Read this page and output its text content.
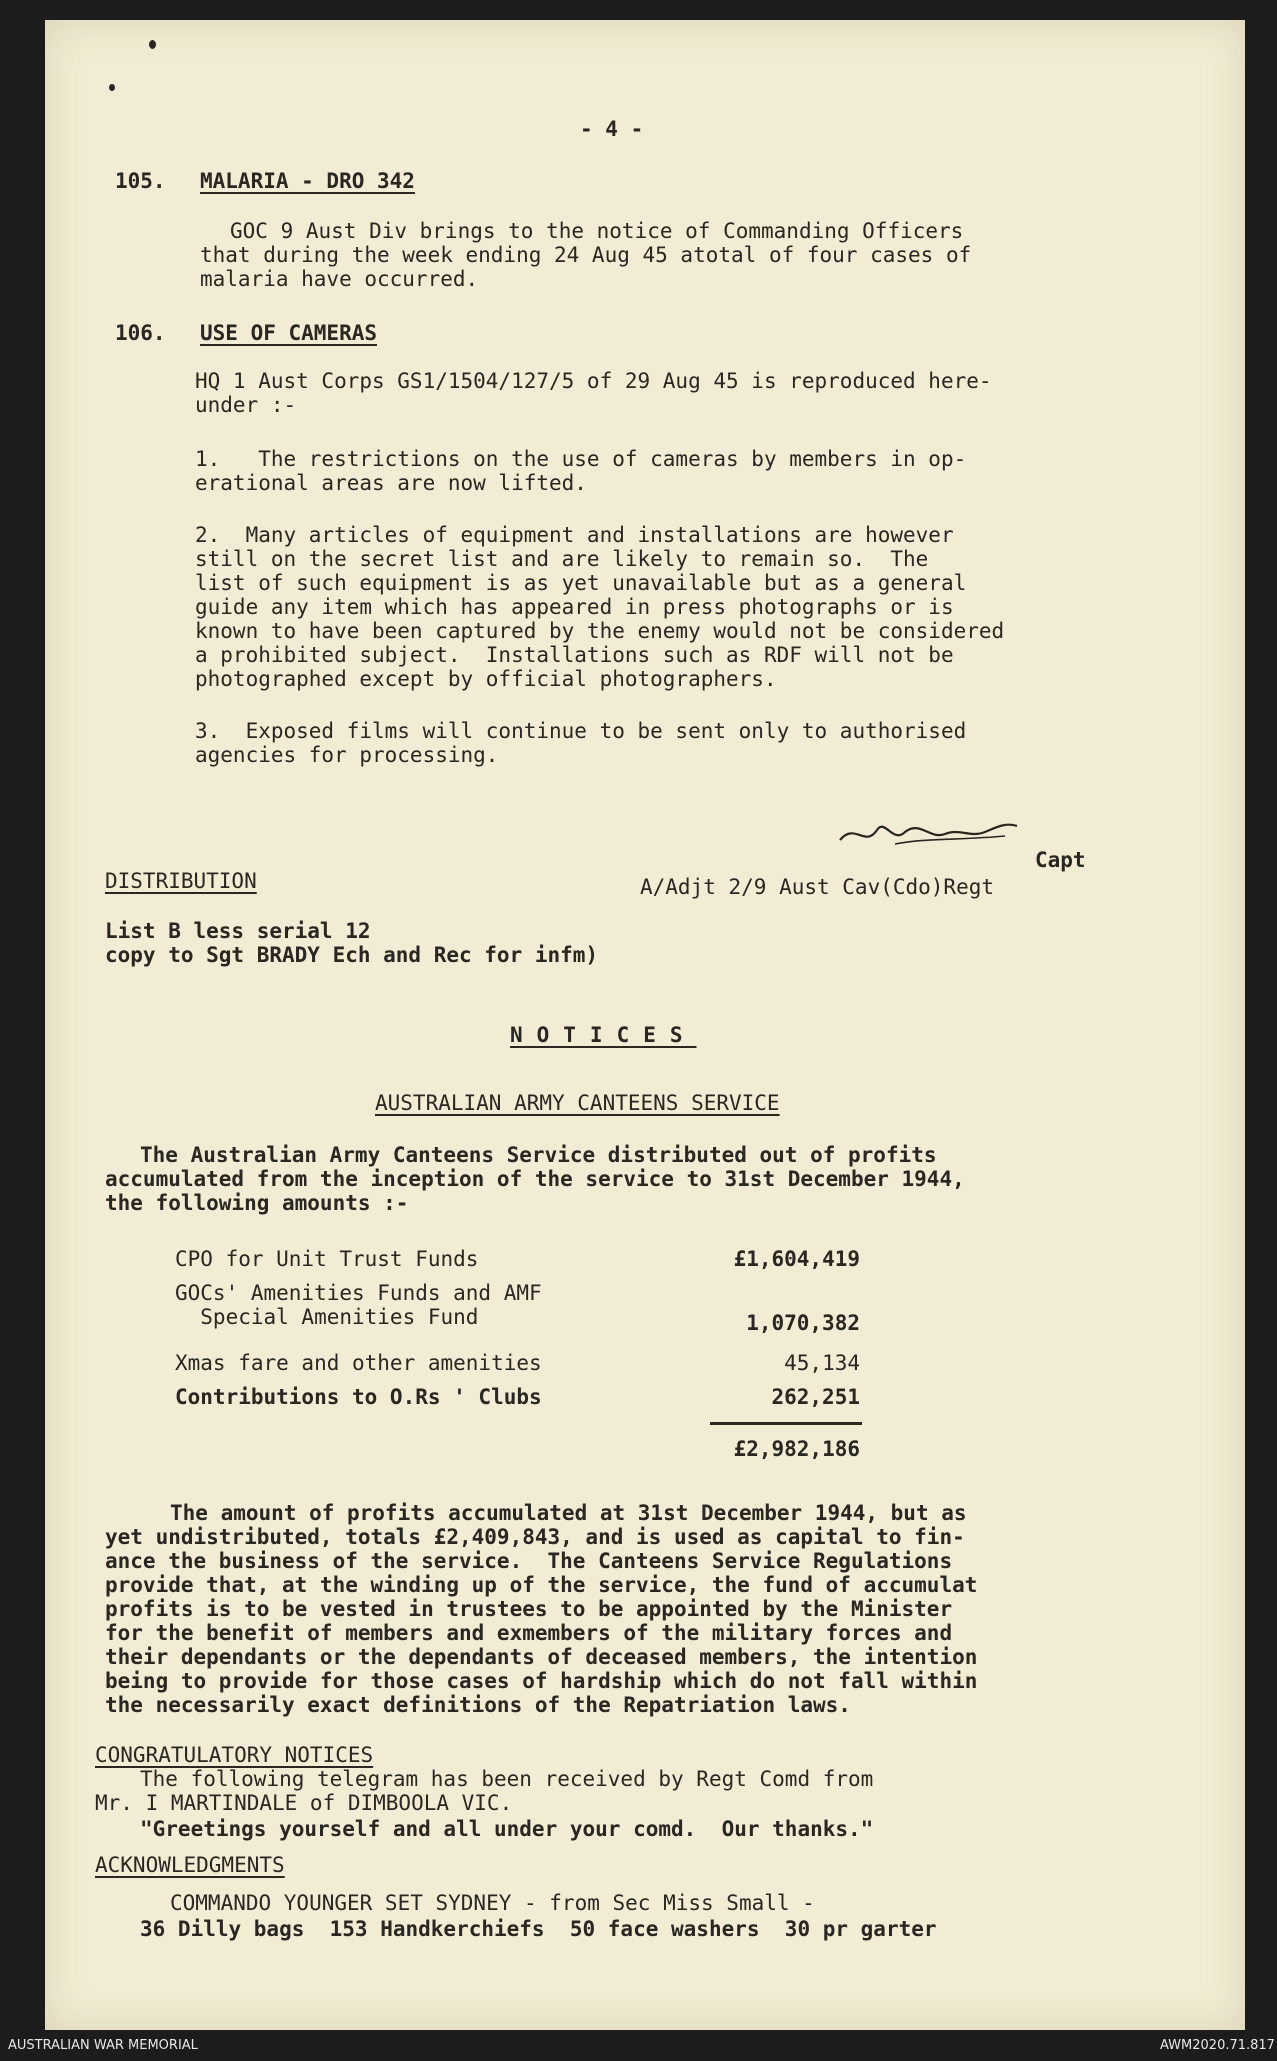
- 4 -
105. MALARIA - DRO 342
GOC 9 Aust Div brings to the notice of Commanding Officers
that during the week ending 24 Aug 45 atotal of four cases of
malaria have occurred.
106. USE OF CAMERAS
HQ 1 Aust Corps GS1/1504/127/5 of 29 Aug 45 is reproduced here-
under :-
1.   The restrictions on the use of cameras by members in op-
erational areas are now lifted.
2.  Many articles of equipment and installations are however
still on the secret list and are likely to remain so.  The
list of such equipment is as yet unavailable but as a general
guide any item which has appeared in press photographs or is
known to have been captured by the enemy would not be considered
a prohibited subject.  Installations such as RDF will not be
photographed except by official photographers.
3.  Exposed films will continue to be sent only to authorised
agencies for processing.
Capt
A/Adjt 2/9 Aust Cav(Cdo)Regt
DISTRIBUTION
List B less serial 12
copy to Sgt BRADY Ech and Rec for infm)
NOTICES
AUSTRALIAN ARMY CANTEENS SERVICE
The Australian Army Canteens Service distributed out of profits
accumulated from the inception of the service to 31st December 1944,
the following amounts :-
CPO for Unit Trust Funds	£1,604,419
GOCs' Amenities Funds and AMF
Special Amenities Fund	1,070,382
Xmas fare and other amenities	45,134
Contributions to O.Rs ' Clubs	262,251
£2,982,186
The amount of profits accumulated at 31st December 1944, but as
yet undistributed, totals £2,409,843, and is used as capital to fin-
ance the business of the service.  The Canteens Service Regulations
provide that, at the winding up of the service, the fund of accumulat
profits is to be vested in trustees to be appointed by the Minister
for the benefit of members and exmembers of the military forces and
their dependants or the dependants of deceased members, the intention
being to provide for those cases of hardship which do not fall within
the necessarily exact definitions of the Repatriation laws.
CONGRATULATORY NOTICES
The following telegram has been received by Regt Comd from
Mr. I MARTINDALE of DIMBOOLA VIC.
"Greetings yourself and all under your comd.  Our thanks."
ACKNOWLEDGMENTS
COMMANDO YOUNGER SET SYDNEY - from Sec Miss Small -
36 Dilly bags  153 Handkerchiefs  50 face washers  30 pr garter
AUSTRALIAN WAR MEMORIAL	AWM2020.71.817
